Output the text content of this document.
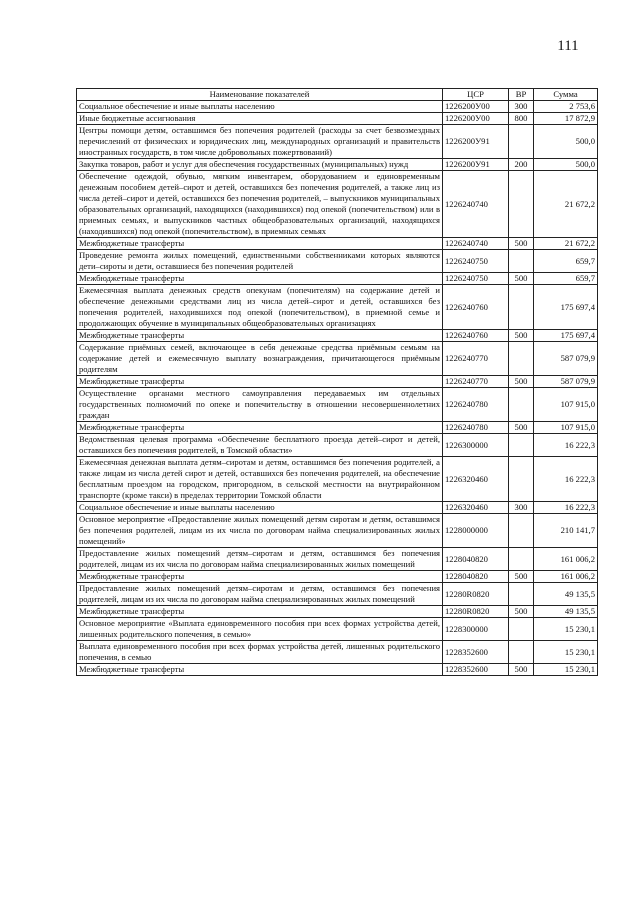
111
Наименование показателей	ЦСР	ВР	Сумма
Социальное обеспечение и иные выплаты населению	1226200У00	300	2 753,6
Иные бюджетные ассигнования	1226200У00	800	17 872,9
Центры помощи детям, оставшимся без попечения родителей (расходы за счет безвозмездных перечислений от физических и юридических лиц, международных организаций и правительств иностранных государств, в том числе добровольных пожертвований)	1226200У91		500,0
Закупка товаров, работ и услуг для обеспечения государственных (муниципальных) нужд	1226200У91	200	500,0
Обеспечение одеждой, обувью, мягким инвентарем, оборудованием и единовременным денежным пособием детей–сирот и детей, оставшихся без попечения родителей, а также лиц из числа детей–сирот и детей, оставшихся без попечения родителей, – выпускников муниципальных образовательных организаций, находящихся (находившихся) под опекой (попечительством) или в приемных семьях, и выпускников частных общеобразовательных организаций, находящихся (находившихся) под опекой (попечительством), в приемных семьях	1226240740		21 672,2
Межбюджетные трансферты	1226240740	500	21 672,2
Проведение ремонта жилых помещений, единственными собственниками которых являются дети–сироты и дети, оставшиеся без попечения родителей	1226240750		659,7
Межбюджетные трансферты	1226240750	500	659,7
Ежемесячная выплата денежных средств опекунам (попечителям) на содержание детей и обеспечение денежными средствами лиц из числа детей–сирот и детей, оставшихся без попечения родителей, находившихся под опекой (попечительством), в приемной семье и продолжающих обучение в муниципальных общеобразовательных организациях	1226240760		175 697,4
Межбюджетные трансферты	1226240760	500	175 697,4
Содержание приёмных семей, включающее в себя денежные средства приёмным семьям на содержание детей и ежемесячную выплату вознаграждения, причитающегося приёмным родителям	1226240770		587 079,9
Межбюджетные трансферты	1226240770	500	587 079,9
Осуществление органами местного самоуправления передаваемых им отдельных государственных полномочий по опеке и попечительству в отношении несовершеннолетних граждан	1226240780		107 915,0
Межбюджетные трансферты	1226240780	500	107 915,0
Ведомственная целевая программа «Обеспечение бесплатного проезда детей–сирот и детей, оставшихся без попечения родителей, в Томской области»	1226300000		16 222,3
Ежемесячная денежная выплата детям–сиротам и детям, оставшимся без попечения родителей, а также лицам из числа детей сирот и детей, оставшихся без попечения родителей, на обеспечение бесплатным проездом на городском, пригородном, в сельской местности на внутрирайонном транспорте (кроме такси) в пределах территории Томской области	1226320460		16 222,3
Социальное обеспечение и иные выплаты населению	1226320460	300	16 222,3
Основное мероприятие «Предоставление жилых помещений детям сиротам и детям, оставшимся без попечения родителей, лицам из их числа по договорам найма специализированных жилых помещений»	1228000000		210 141,7
Предоставление жилых помещений детям–сиротам и детям, оставшимся без попечения родителей, лицам из их числа по договорам найма специализированных жилых помещений	1228040820		161 006,2
Межбюджетные трансферты	1228040820	500	161 006,2
Предоставление жилых помещений детям–сиротам и детям, оставшимся без попечения родителей, лицам из их числа по договорам найма специализированных жилых помещений	12280R0820		49 135,5
Межбюджетные трансферты	12280R0820	500	49 135,5
Основное мероприятие «Выплата единовременного пособия при всех формах устройства детей, лишенных родительского попечения, в семью»	1228300000		15 230,1
Выплата единовременного пособия при всех формах устройства детей, лишенных родительского попечения, в семью	1228352600		15 230,1
Межбюджетные трансферты	1228352600	500	15 230,1
